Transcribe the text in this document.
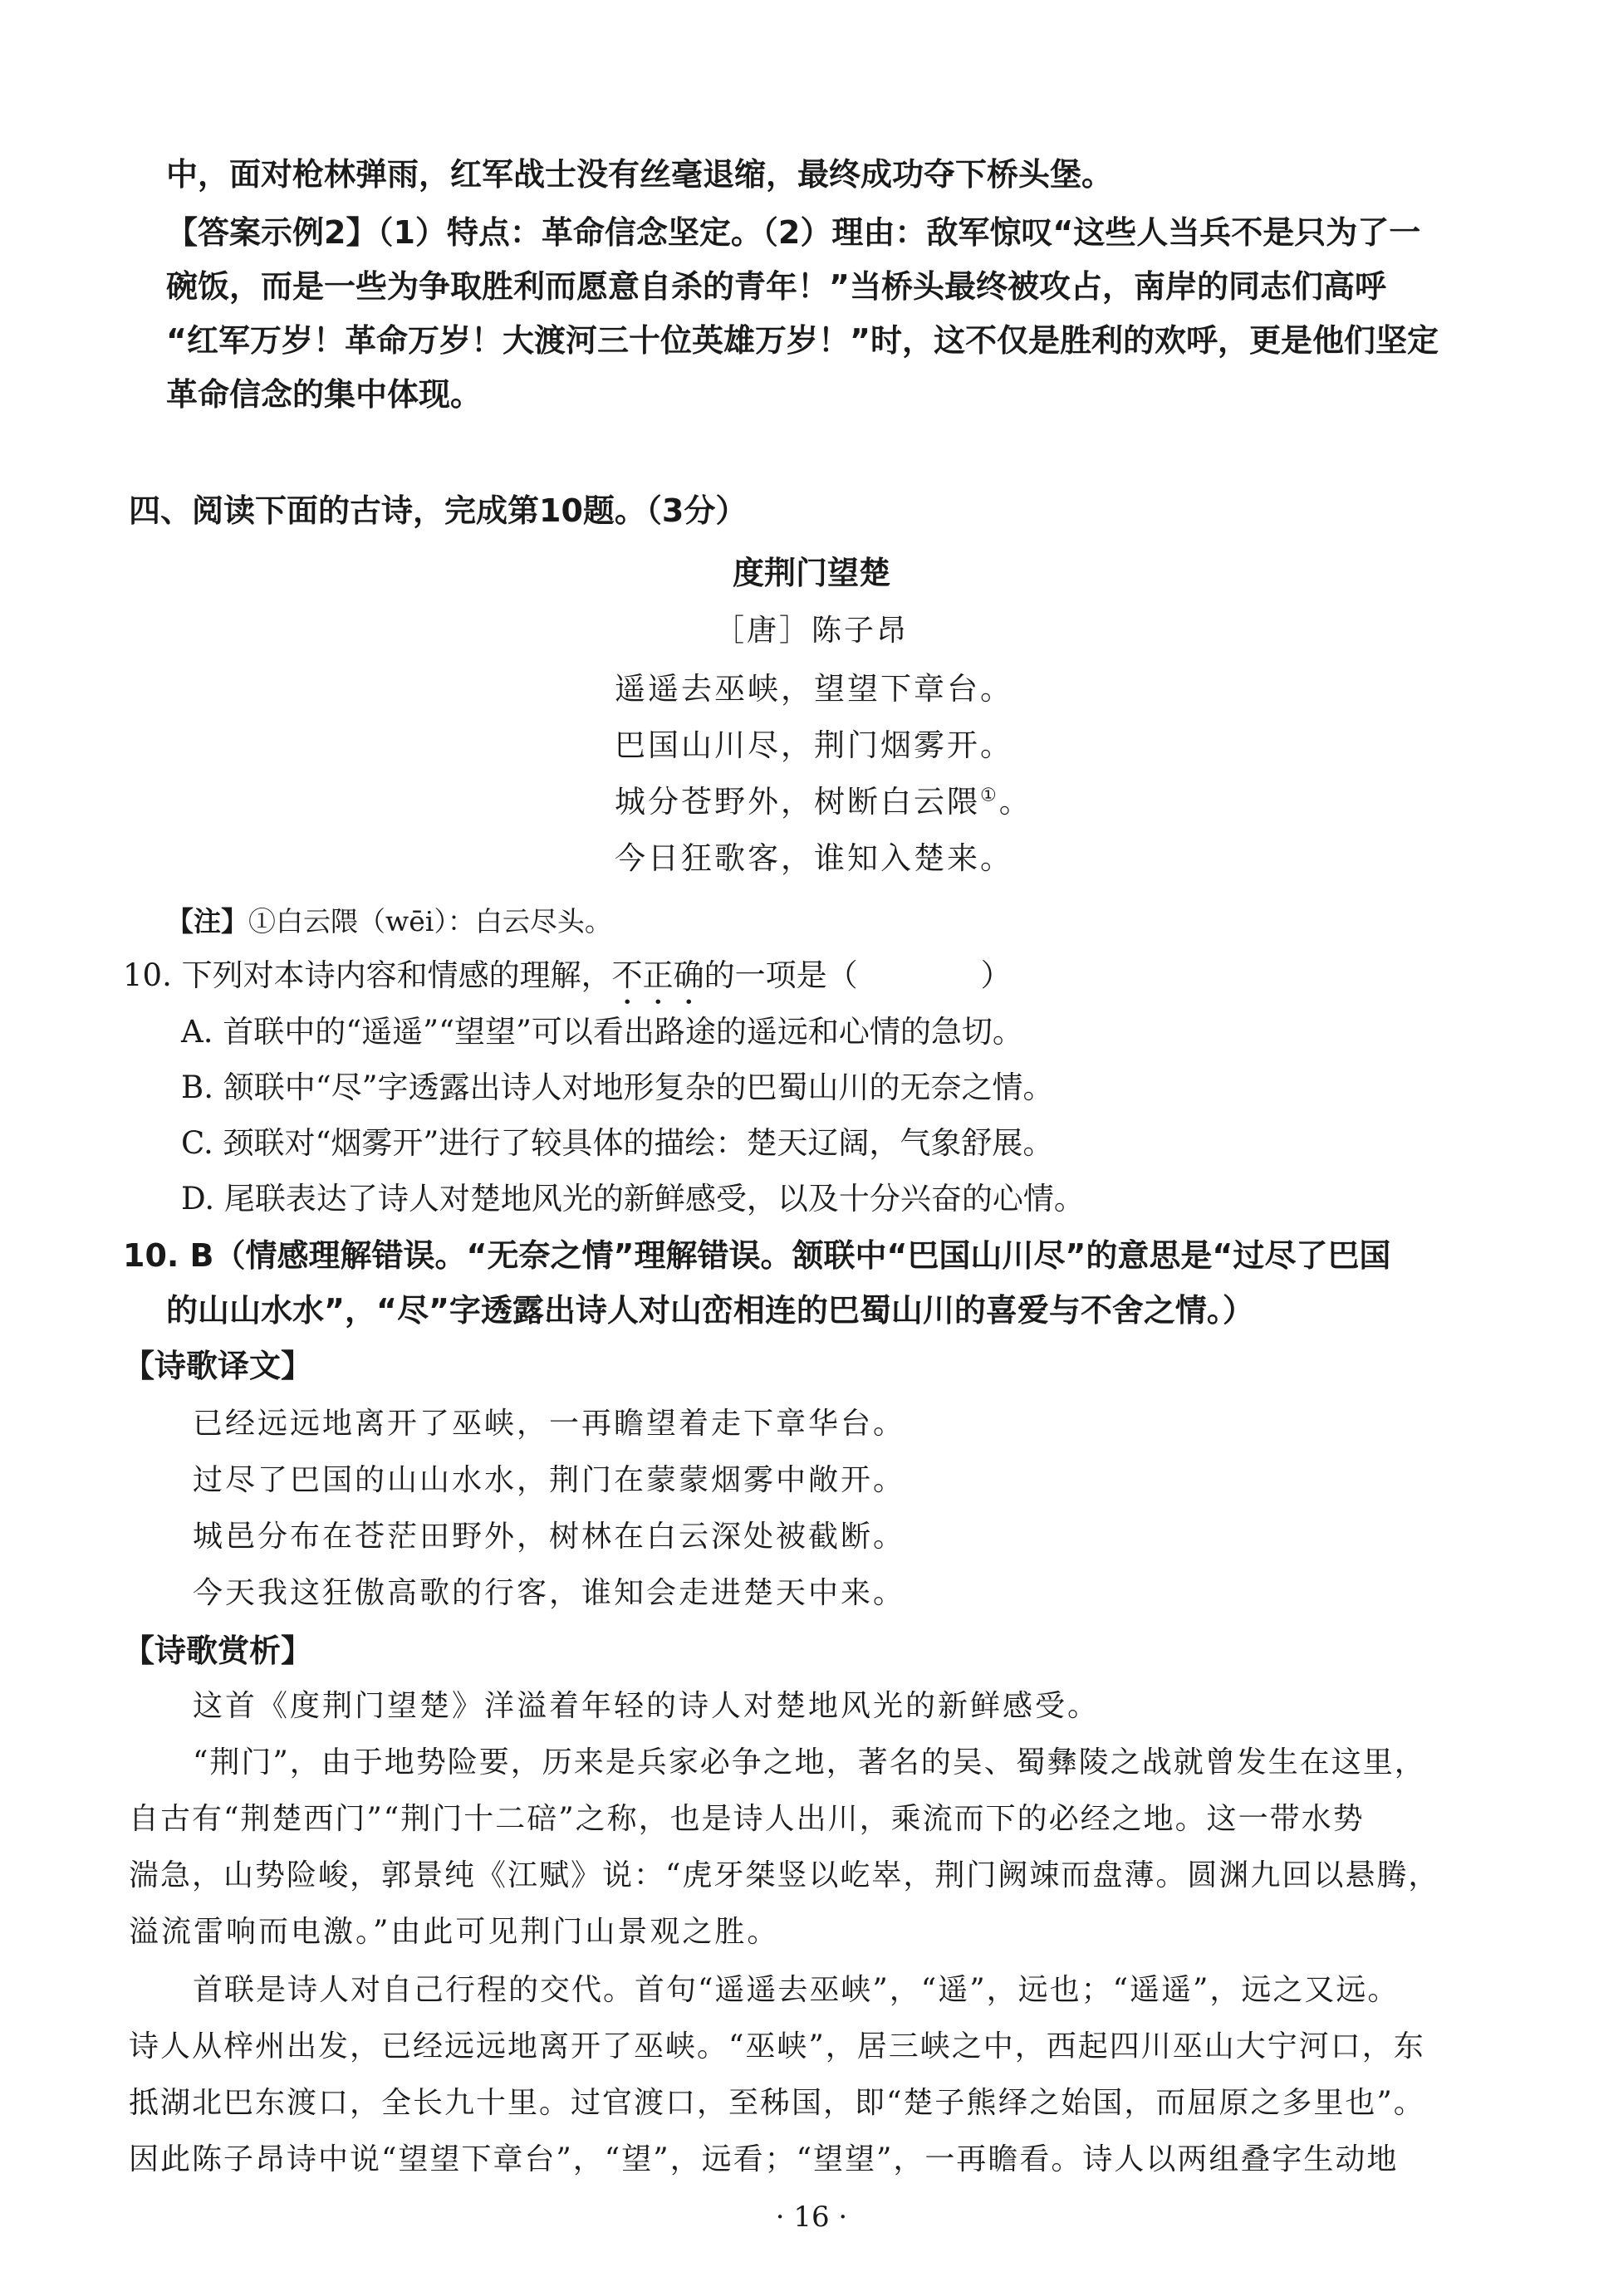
中，面对枪林弹雨，红军战士没有丝毫退缩，最终成功夺下桥头堡。
【答案示例2】（1）特点：革命信念坚定。（2）理由：敌军惊叹“这些人当兵不是只为了一
碗饭，而是一些为争取胜利而愿意自杀的青年！”当桥头最终被攻占，南岸的同志们高呼
“红军万岁！革命万岁！大渡河三十位英雄万岁！”时，这不仅是胜利的欢呼，更是他们坚定
革命信念的集中体现。
四、阅读下面的古诗，完成第10题。（3分）
度荆门望楚
［唐］陈子昂
遥遥去巫峡，望望下章台。
巴国山川尽，荆门烟雾开。
城分苍野外，树断白云隈①。
今日狂歌客，谁知入楚来。
【注】①白云隈（wēi）：白云尽头。
10. 下列对本诗内容和情感的理解，不正确的一项是（　　　　）
A. 首联中的“遥遥”“望望”可以看出路途的遥远和心情的急切。
B. 颔联中“尽”字透露出诗人对地形复杂的巴蜀山川的无奈之情。
C. 颈联对“烟雾开”进行了较具体的描绘：楚天辽阔，气象舒展。
D. 尾联表达了诗人对楚地风光的新鲜感受，以及十分兴奋的心情。
10. B（情感理解错误。“无奈之情”理解错误。颔联中“巴国山川尽”的意思是“过尽了巴国
的山山水水”，“尽”字透露出诗人对山峦相连的巴蜀山川的喜爱与不舍之情。）
【诗歌译文】
已经远远地离开了巫峡，一再瞻望着走下章华台。
过尽了巴国的山山水水，荆门在蒙蒙烟雾中敞开。
城邑分布在苍茫田野外，树林在白云深处被截断。
今天我这狂傲高歌的行客，谁知会走进楚天中来。
【诗歌赏析】
这首《度荆门望楚》洋溢着年轻的诗人对楚地风光的新鲜感受。
“荆门”，由于地势险要，历来是兵家必争之地，著名的吴、蜀彝陵之战就曾发生在这里，
自古有“荆楚西门”“荆门十二碚”之称，也是诗人出川，乘流而下的必经之地。这一带水势
湍急，山势险峻，郭景纯《江赋》说：“虎牙桀竖以屹崒，荆门阙竦而盘薄。圆渊九回以悬腾，
溢流雷响而电激。”由此可见荆门山景观之胜。
首联是诗人对自己行程的交代。首句“遥遥去巫峡”，“遥”，远也；“遥遥”，远之又远。
诗人从梓州出发，已经远远地离开了巫峡。“巫峡”，居三峡之中，西起四川巫山大宁河口，东
抵湖北巴东渡口，全长九十里。过官渡口，至秭国，即“楚子熊绎之始国，而屈原之多里也”。
因此陈子昂诗中说“望望下章台”，“望”，远看；“望望”，一再瞻看。诗人以两组叠字生动地
· 16 ·
